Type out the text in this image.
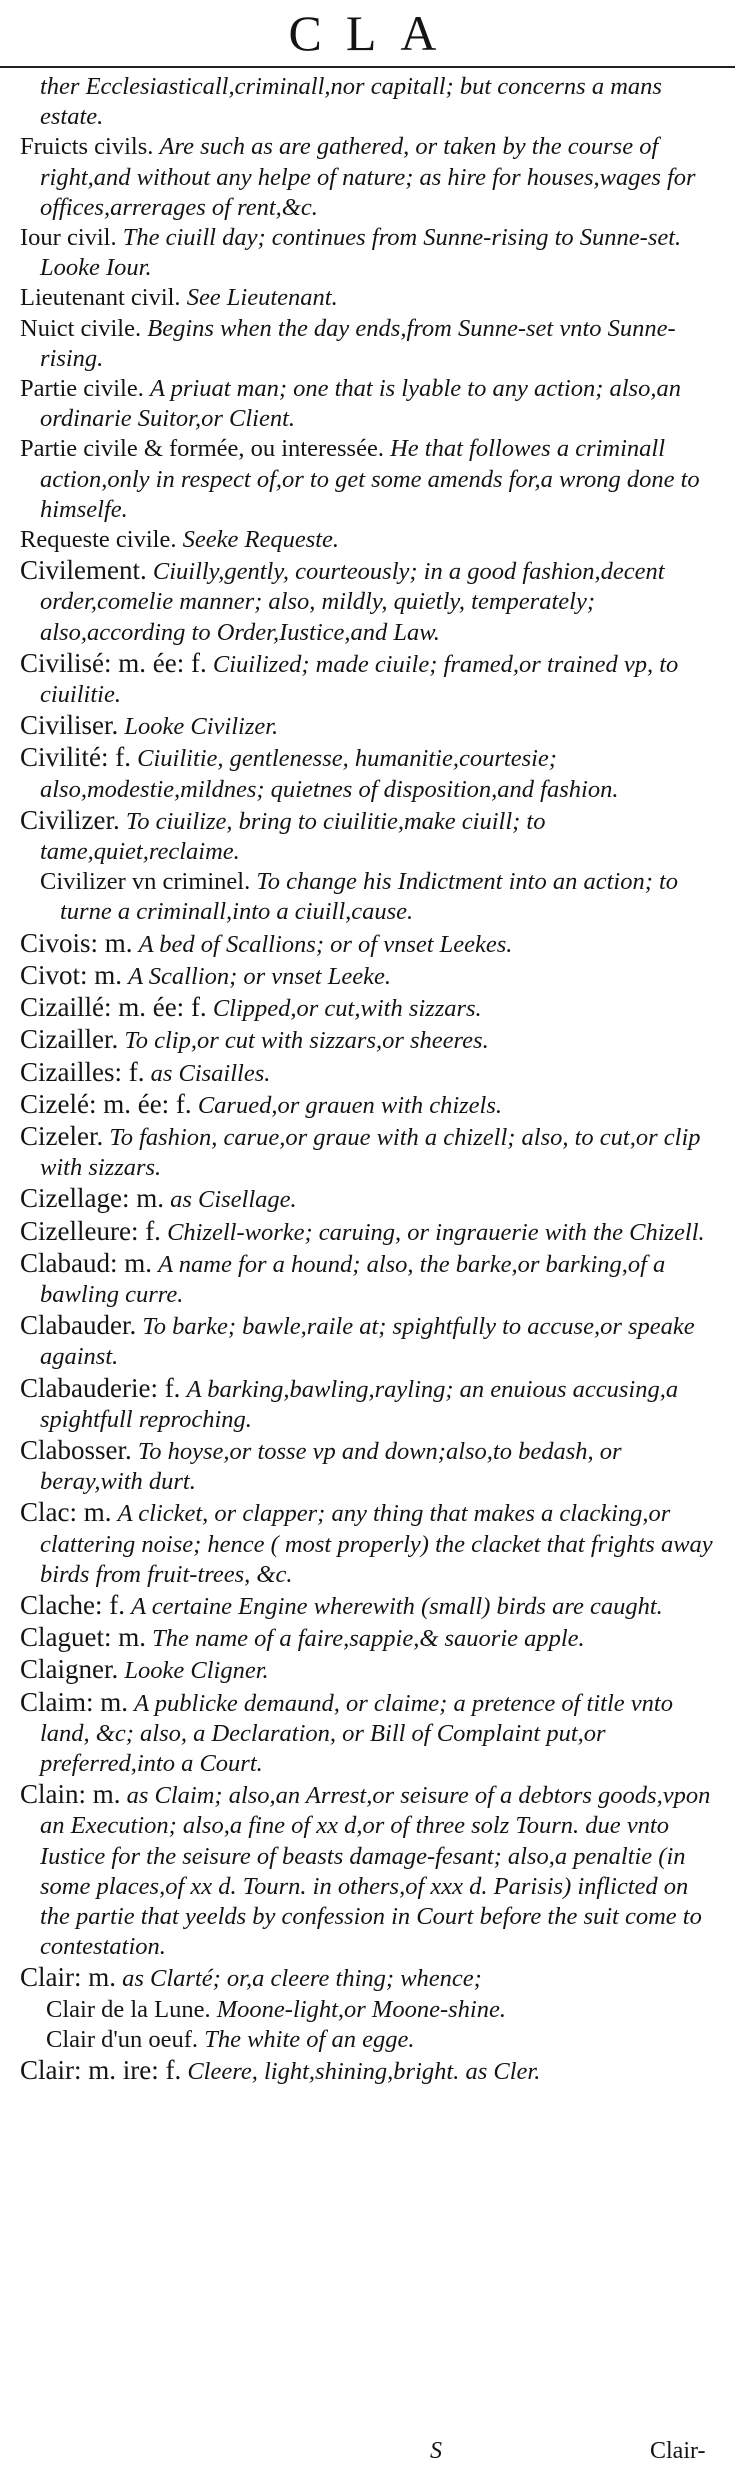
CLA
ther Ecclesiasticall,criminall,nor capitall; but concerns a mans estate.
Fruicts civils. Are such as are gathered, or taken by the course of right,and without any helpe of nature; as hire for houses,wages for offices,arrerages of rent,&c.
Iour civil. The ciuill day; continues from Sunne-rising to Sunne-set. Looke Iour.
Lieutenant civil. See Lieutenant.
Nuict civile. Begins when the day ends,from Sunne-set vnto Sunne-rising.
Partie civile. A priuat man; one that is lyable to any action; also,an ordinarie Suitor,or Client.
Partie civile & formée, ou interessée. He that followes a criminall action,only in respect of,or to get some amends for,a wrong done to himselfe.
Requeste civile. Seeke Requeste.
Civilement. Ciuilly,gently, courteously; in a good fashion,decent order,comelie manner; also, mildly, quietly, temperately; also,according to Order,Iustice,and Law.
Civilisé: m. ée: f. Ciuilized; made ciuile; framed,or trained vp, to ciuilitie.
Civiliser. Looke Civilizer.
Civilité: f. Ciuilitie, gentlenesse, humanitie,courtesie; also,modestie,mildnes; quietnes of disposition,and fashion.
Civilizer. To ciuilize, bring to ciuilitie,make ciuill; to tame,quiet,reclaime.
Civilizer vn criminel. To change his Indictment into an action; to turne a criminall,into a ciuill,cause.
Civois: m. A bed of Scallions; or of vnset Leekes.
Civot: m. A Scallion; or vnset Leeke.
Cizaillé: m. ée: f. Clipped,or cut,with sizzars.
Cizailler. To clip,or cut with sizzars,or sheeres.
Cizailles: f. as Cisailles.
Cizelé: m. ée: f. Carued,or grauen with chizels.
Cizeler. To fashion, carue,or graue with a chizell; also, to cut,or clip with sizzars.
Cizellage: m. as Cisellage.
Cizelleure: f. Chizell-worke; caruing, or ingrauerie with the Chizell.
Clabaud: m. A name for a hound; also, the barke,or barking,of a bawling curre.
Clabauder. To barke; bawle,raile at; spightfully to accuse,or speake against.
Clabauderie: f. A barking,bawling,rayling; an enuious accusing,a spightfull reproching.
Clabosser. To hoyse,or tosse vp and down;also,to bedash, or beray,with durt.
Clac: m. A clicket, or clapper; any thing that makes a clacking,or clattering noise; hence ( most properly) the clacket that frights away birds from fruit-trees, &c.
Clache: f. A certaine Engine wherewith (small) birds are caught.
Claguet: m. The name of a faire,sappie,& sauorie apple.
Claigner. Looke Cligner.
Claim: m. A publicke demaund, or claime; a pretence of title vnto land, &c; also, a Declaration, or Bill of Complaint put,or preferred,into a Court.
Clain: m. as Claim; also,an Arrest,or seisure of a debtors goods,vpon an Execution; also,a fine of xx d,or of three solz Tourn. due vnto Iustice for the seisure of beasts damage-fesant; also,a penaltie (in some places,of xx d. Tourn. in others,of xxx d. Parisis) inflicted on the partie that yeelds by confession in Court before the suit come to contestation.
Clair: m. as Clarté; or,a cleere thing; whence;
Clair de la Lune. Moone-light,or Moone-shine.
Clair d'un oeuf. The white of an egge.
Clair: m. ire: f. Cleere, light,shining,bright. as Cler.
S	Clair-
